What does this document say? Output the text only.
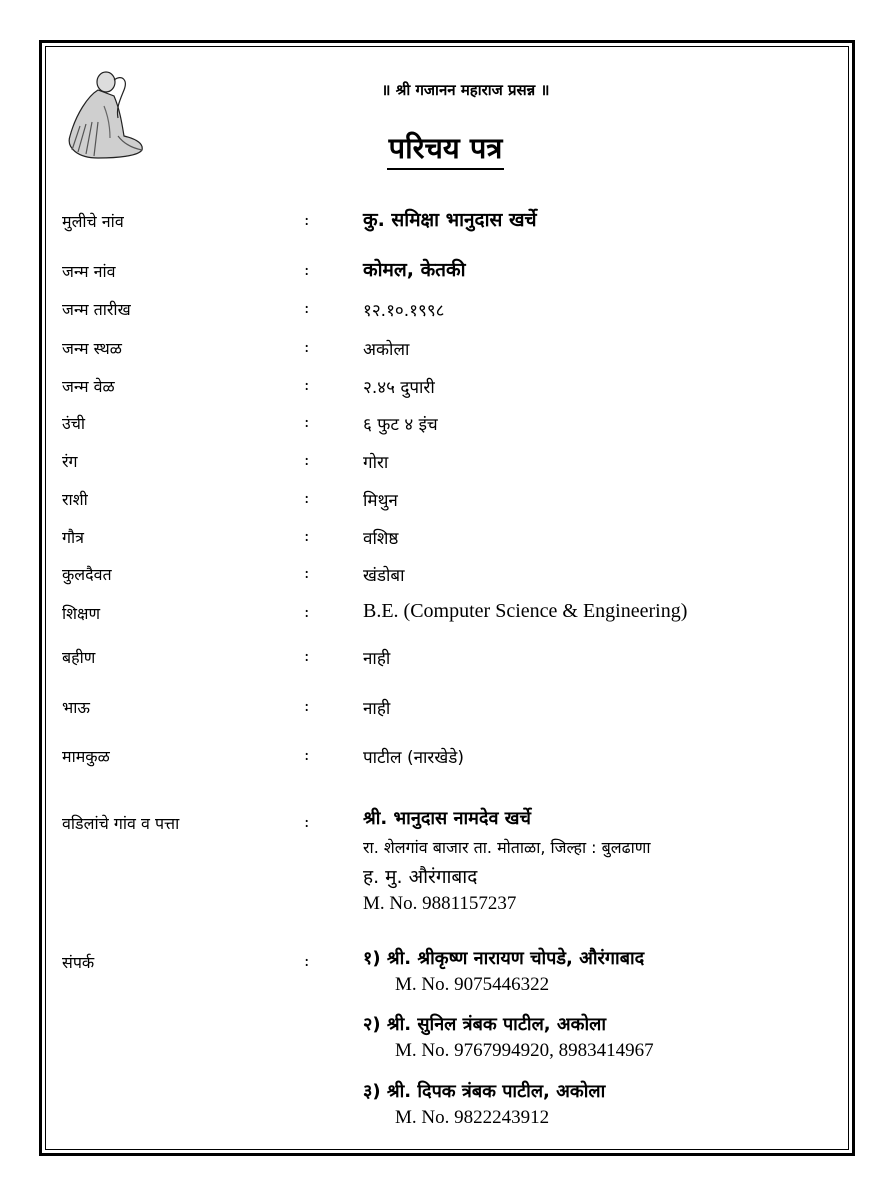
॥ श्री गजानन महाराज प्रसन्न ॥
परिचय पत्र
मुलीचे नांव	:	कु. समिक्षा भानुदास खर्चे
जन्म नांव	:	कोमल, केतकी
जन्म तारीख	:	१२.१०.१९९८
जन्म स्थळ	:	अकोला
जन्म वेळ	:	२.४५ दुपारी
उंची	:	६ फुट ४ इंच
रंग	:	गोरा
राशी	:	मिथुन
गौत्र	:	वशिष्ठ
कुलदैवत	:	खंडोबा
शिक्षण	:	B.E. (Computer Science & Engineering)
बहीण	:	नाही
भाऊ	:	नाही
मामकुळ	:	पाटील (नारखेडे)
वडिलांचे गांव व पत्ता	:	श्री. भानुदास नामदेव खर्चे
रा. शेलगांव बाजार ता. मोताळा, जिल्हा : बुलढाणा
ह. मु. औरंगाबाद
M. No. 9881157237
संपर्क	:	१) श्री. श्रीकृष्ण नारायण चोपडे, औरंगाबाद
M. No. 9075446322
२) श्री. सुनिल त्रंबक पाटील, अकोला
M. No. 9767994920, 8983414967
३) श्री. दिपक त्रंबक पाटील, अकोला
M. No. 9822243912
